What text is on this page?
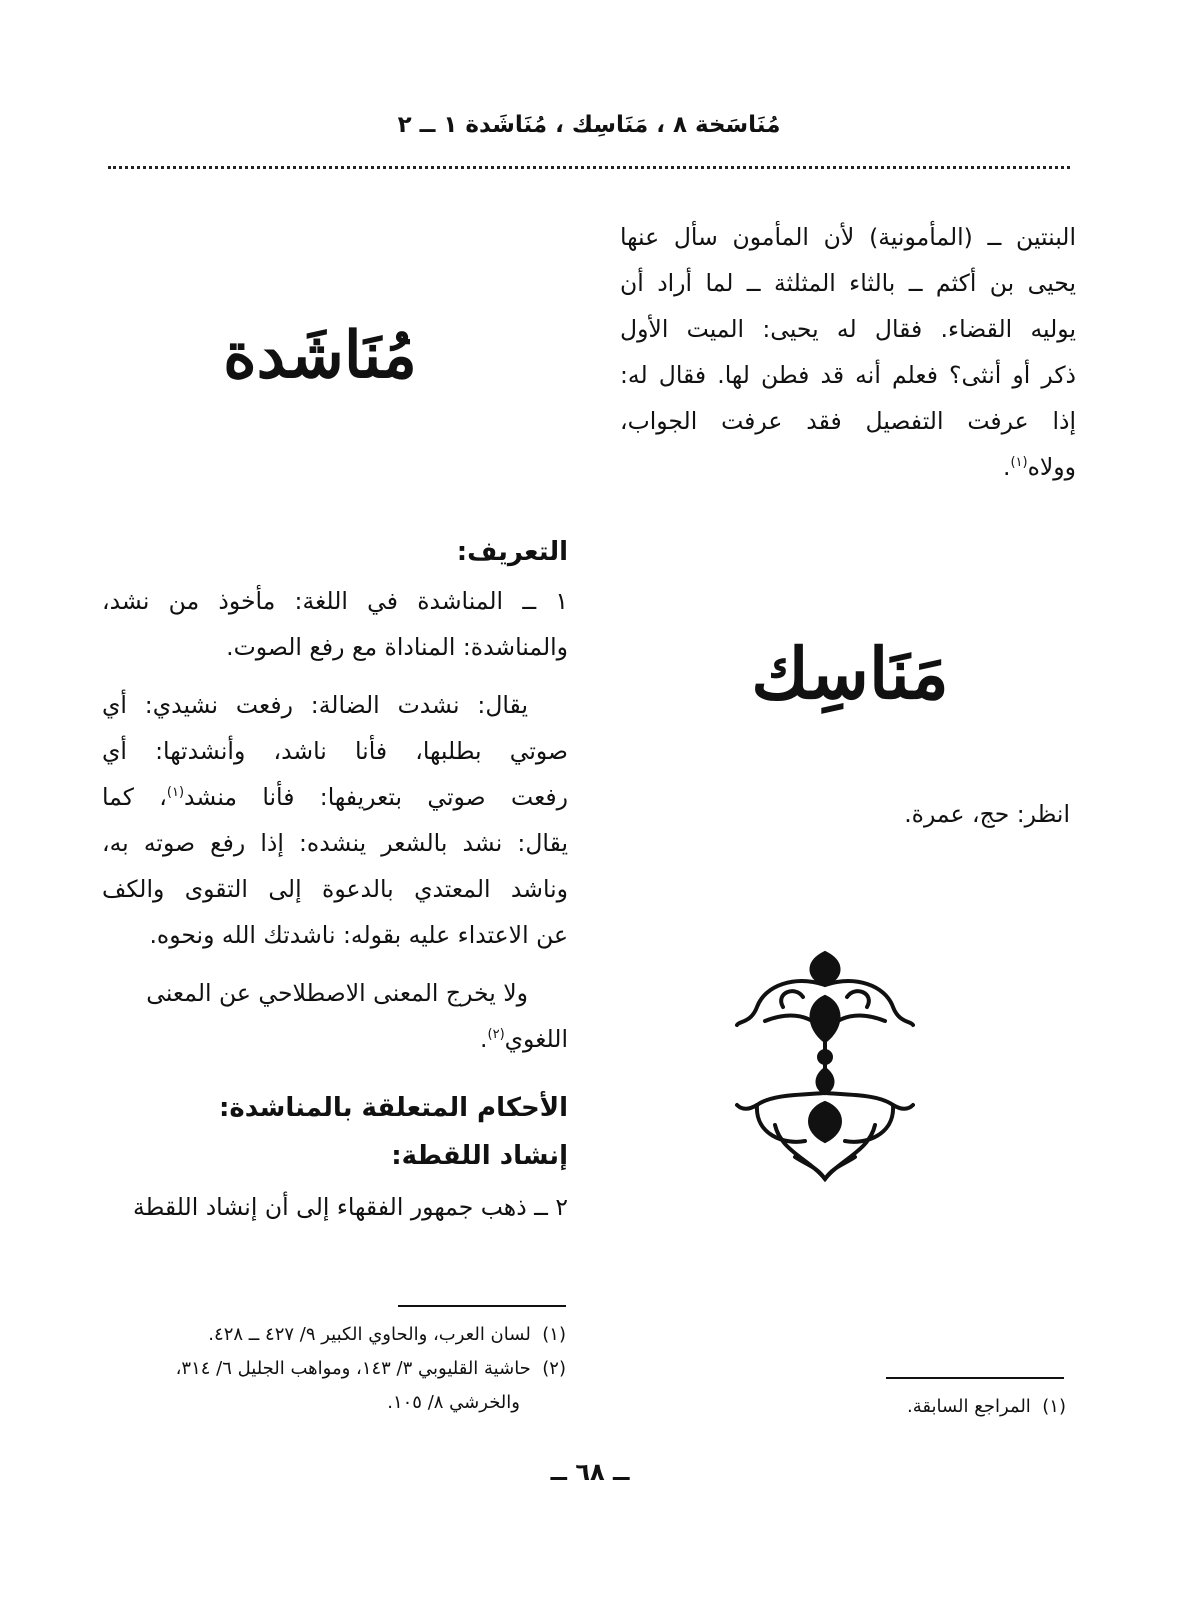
مُنَاسَخة ٨ ، مَنَاسِك ، مُنَاشَدة ١ ــ ٢

البنتين ــ (المأمونية) لأن المأمون سأل عنها
يحيى بن أكثم ــ بالثاء المثلثة ــ لما أراد أن
يوليه القضاء. فقال له يحيى: الميت الأول
ذكر أو أنثى؟ فعلم أنه قد فطن لها. فقال له:
إذا عرفت التفصيل فقد عرفت الجواب،
وولاه$^{(١)}$.

مُنَاشَدة
مَنَاسِك
انظر: حج، عمرة.

التعريف:

١ ــ المناشدة في اللغة: مأخوذ من نشد،
والمناشدة: المناداة مع رفع الصوت.

يقال: نشدت الضالة: رفعت نشيدي: أي
صوتي بطلبها، فأنا ناشد، وأنشدتها: أي
رفعت صوتي بتعريفها: فأنا منشد$^{(١)}$، كما
يقال: نشد بالشعر ينشده: إذا رفع صوته به،
وناشد المعتدي بالدعوة إلى التقوى والكف
عن الاعتداء عليه بقوله: ناشدتك الله ونحوه.

ولا يخرج المعنى الاصطلاحي عن المعنى
اللغوي$^{(٢)}$.

الأحكام المتعلقة بالمناشدة:

إنشاد اللقطة:

٢ ــ ذهب جمهور الفقهاء إلى أن إنشاد اللقطة

(١)  لسان العرب، والحاوي الكبير ٩/ ٤٢٧ ــ ٤٢٨.
(٢)  حاشية القليوبي ٣/ ١٤٣، ومواهب الجليل ٦/ ٣١٤،
والخرشي ٨/ ١٠٥.	(١)  المراجع السابقة.
ــ ٦٨ ــ
